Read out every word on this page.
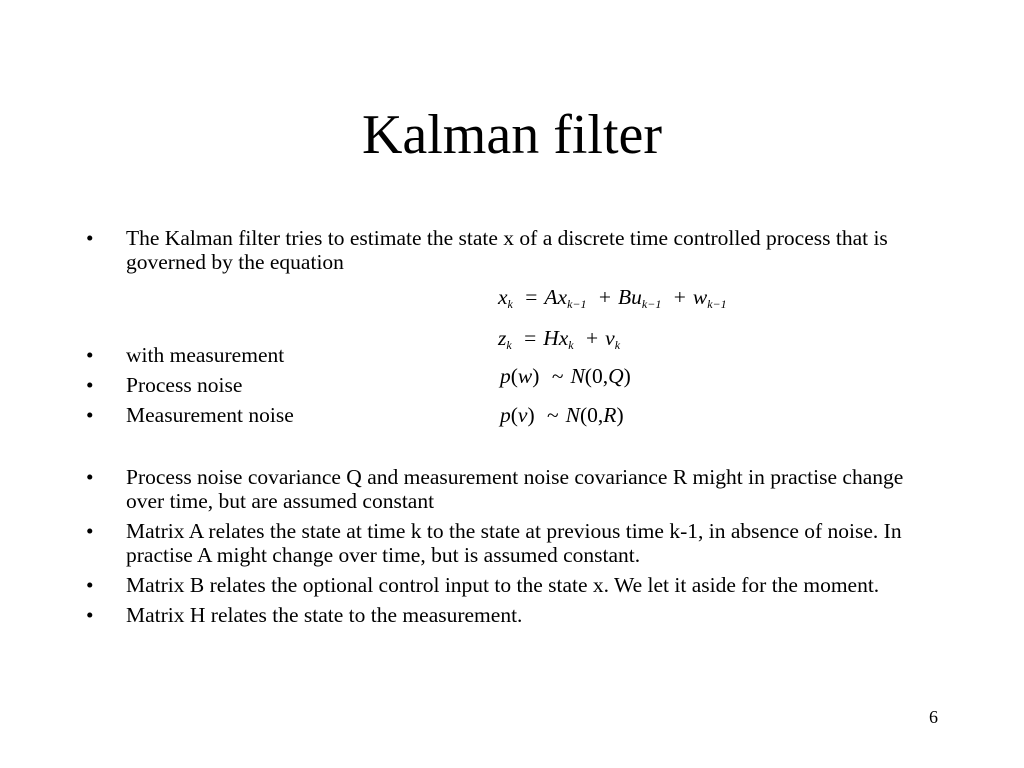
Kalman filter
• The Kalman filter tries to estimate the state x of a discrete time controlled process that is governed by the equation
$x_k = Ax_{k-1} + Bu_{k-1} + w_{k-1}$
$z_k = Hx_k + v_k$
p(w) ~ N(0,Q)
p(v) ~ N(0,R)
• with measurement
• Process noise
• Measurement noise
• Process noise covariance Q and measurement noise covariance R might in practise change over time, but are assumed constant
• Matrix A relates the state at time k to the state at previous time k-1, in absence of noise. In practise A might change over time, but is assumed constant.
• Matrix B relates the optional control input to the state x. We let it aside for the moment.
• Matrix H relates the state to the measurement.
6
